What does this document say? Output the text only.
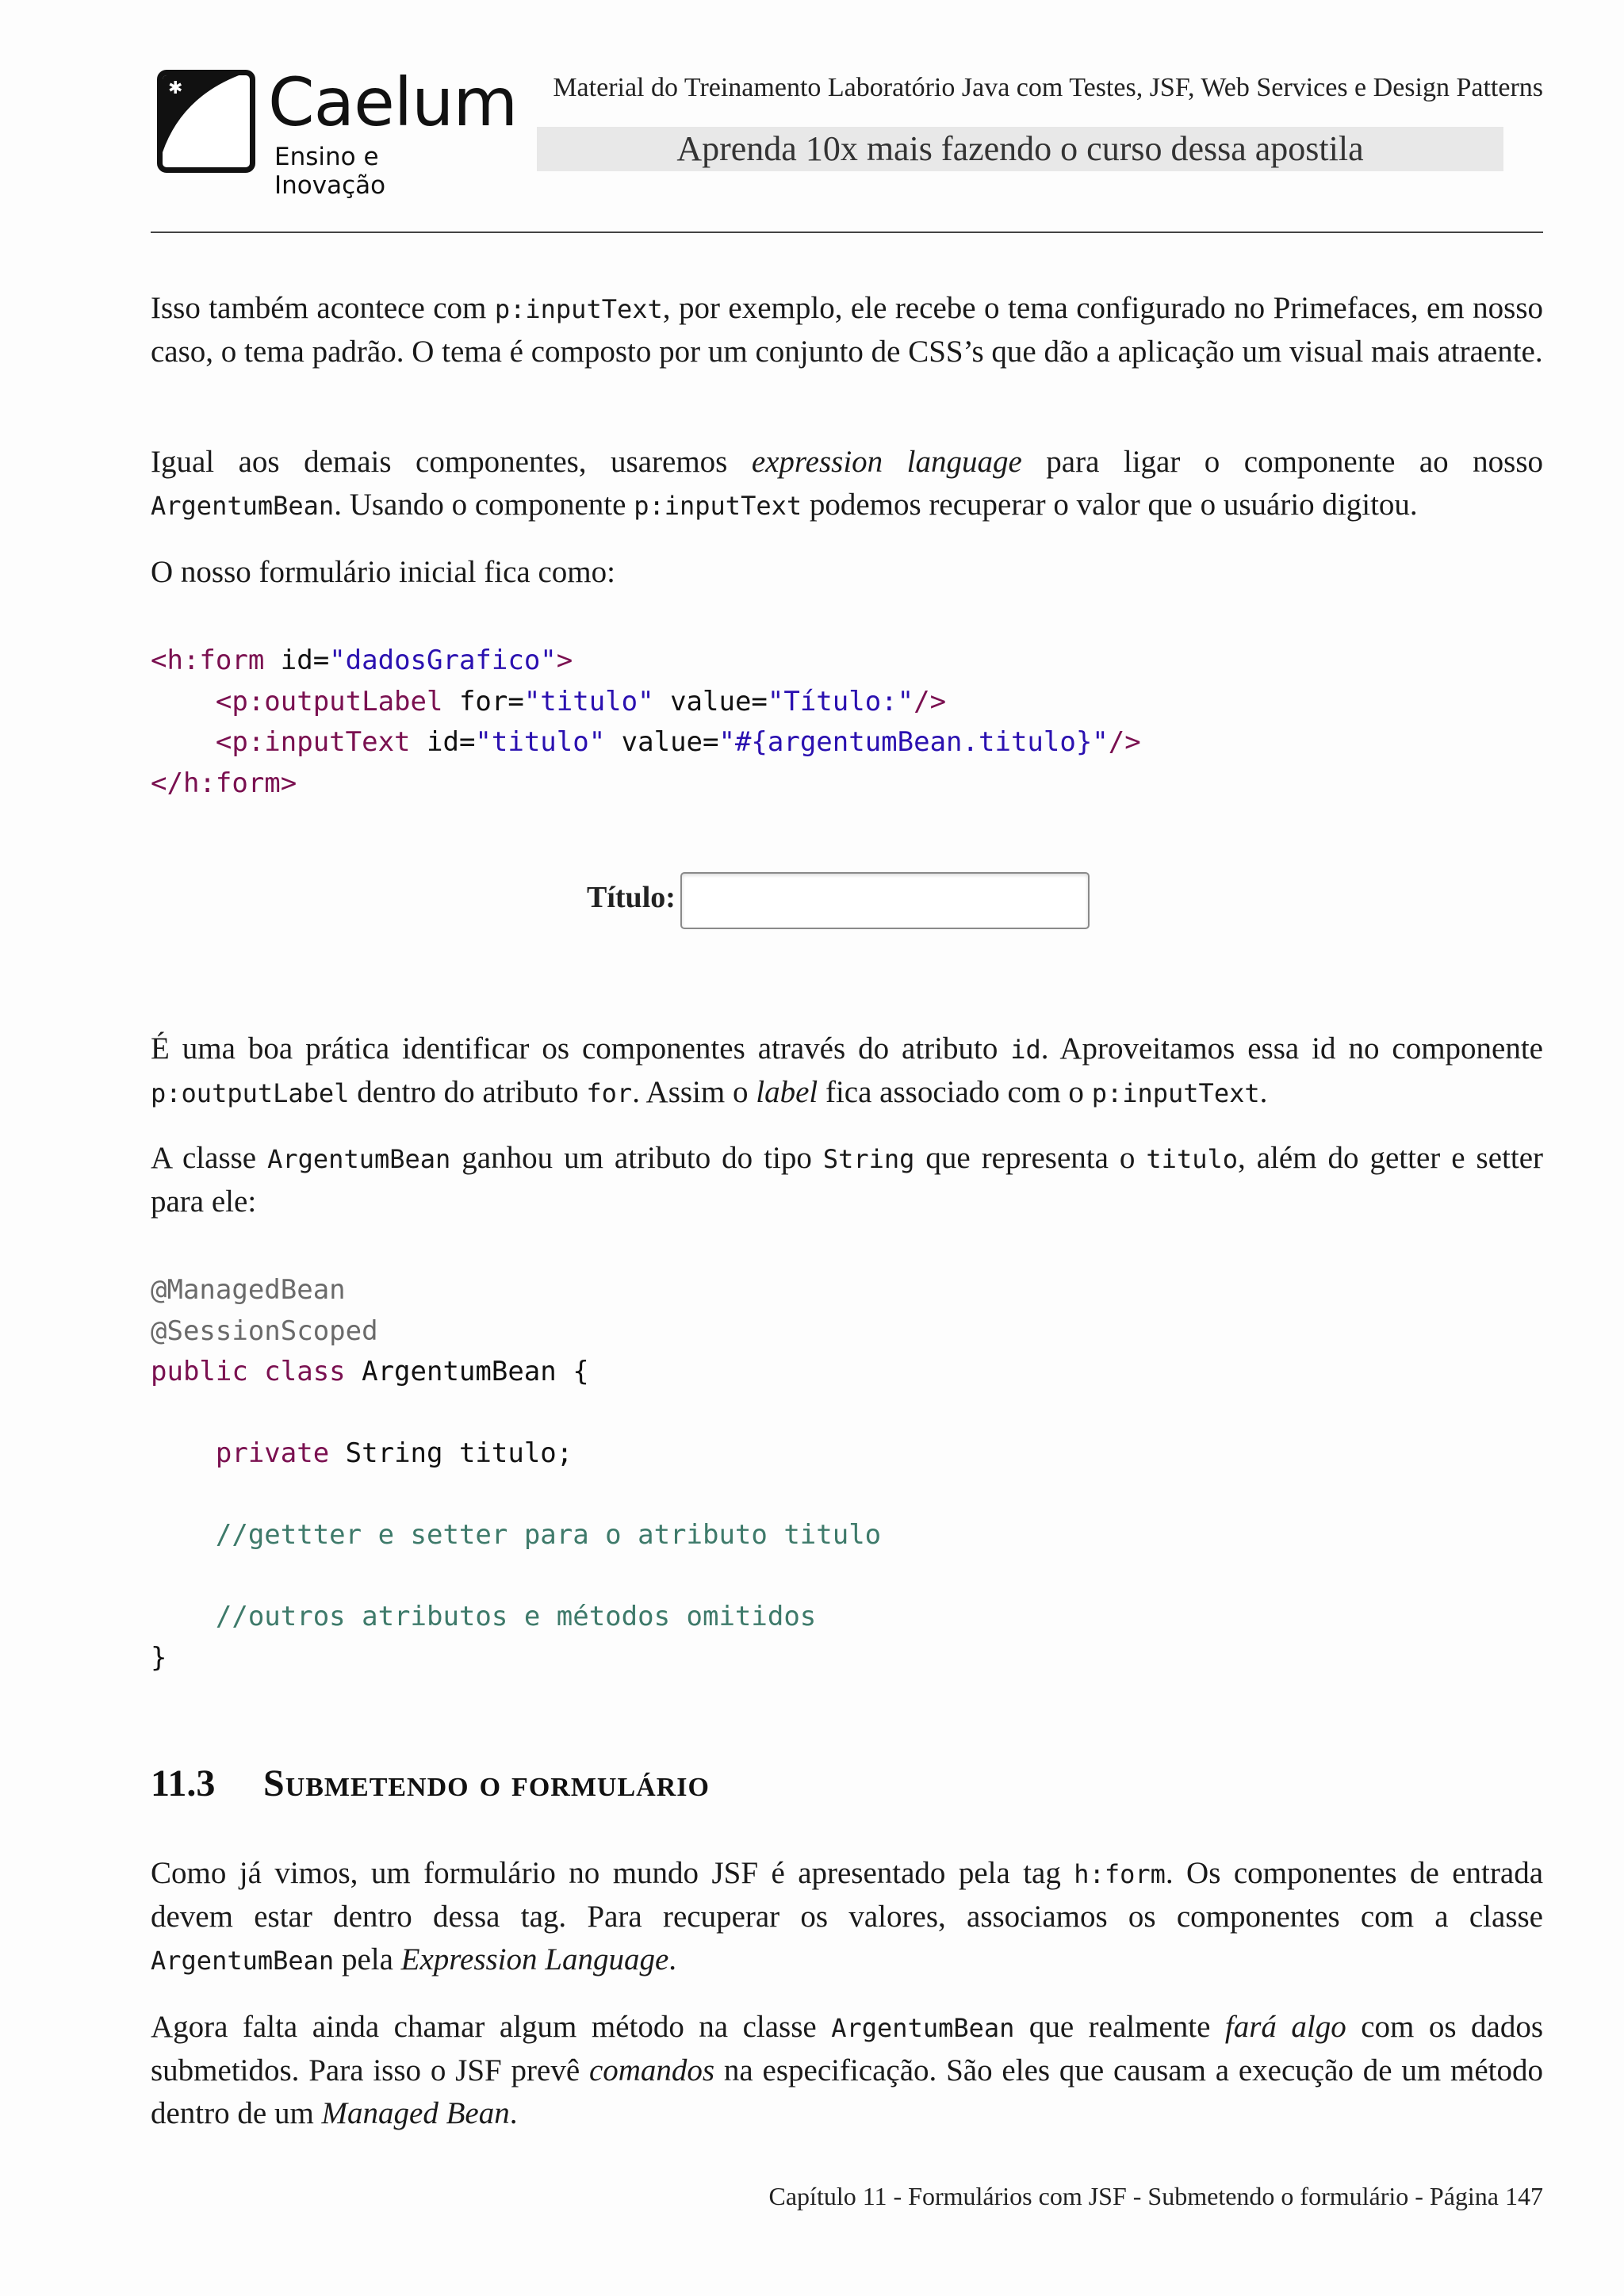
✱ Caelum
Ensino e Inovação
Material do Treinamento Laboratório Java com Testes, JSF, Web Services e Design Patterns
Aprenda 10x mais fazendo o curso dessa apostila
Isso também acontece com p:inputText, por exemplo, ele recebe o tema configurado no Primefaces, em nosso caso, o tema padrão. O tema é composto por um conjunto de CSS’s que dão a aplicação um visual mais atraente.
Igual aos demais componentes, usaremos expression language para ligar o componente ao nosso ArgentumBean. Usando o componente p:inputText podemos recuperar o valor que o usuário digitou.
O nosso formulário inicial fica como:
<h:form id="dadosGrafico">
<p:outputLabel for="titulo" value="Título:"/>
<p:inputText id="titulo" value="#{argentumBean.titulo}"/>
</h:form>
Título:
É uma boa prática identificar os componentes através do atributo id. Aproveitamos essa id no componente p:outputLabel dentro do atributo for. Assim o label fica associado com o p:inputText.
A classe ArgentumBean ganhou um atributo do tipo String que representa o titulo, além do getter e setter para ele:
@ManagedBean
@SessionScoped
public class ArgentumBean {

private String titulo;

//gettter e setter para o atributo titulo

//outros atributos e métodos omitidos
}
11.3 Submetendo o formulário
Como já vimos, um formulário no mundo JSF é apresentado pela tag h:form. Os componentes de entrada devem estar dentro dessa tag. Para recuperar os valores, associamos os componentes com a classe ArgentumBean pela Expression Language.
Agora falta ainda chamar algum método na classe ArgentumBean que realmente fará algo com os dados submetidos. Para isso o JSF prevê comandos na especificação. São eles que causam a execução de um método dentro de um Managed Bean.
Capítulo 11 - Formulários com JSF - Submetendo o formulário - Página 147
